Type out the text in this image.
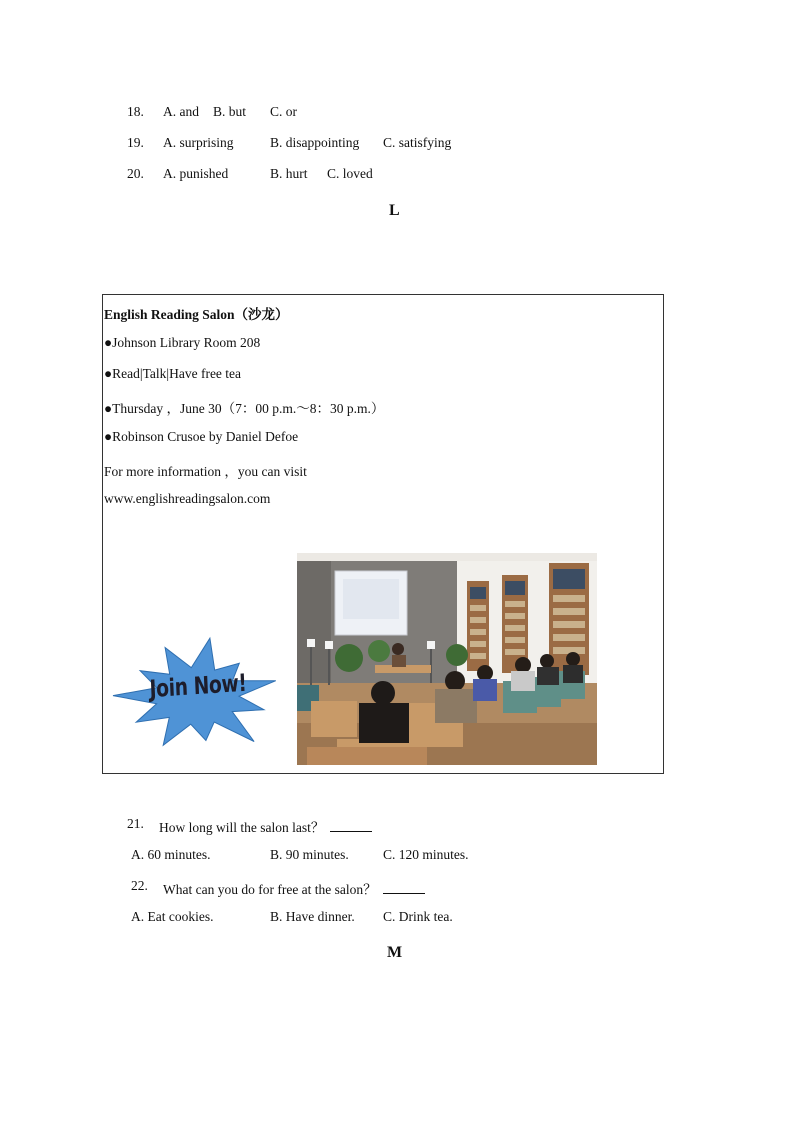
18. A. and B. but C. or
19. A. surprising	B. disappointing C. satisfying
20. A. punished	B. hurt C. loved
L
English Reading Salon（沙龙）
●Johnson Library Room 208
●Read|Talk|Have free tea
●Thursday ，June 30（7：00 p.m.～8：30 p.m.）
●Robinson Crusoe by Daniel Defoe
For more information ，you can visit
www.englishreadingsalon.com
Join Now!
21. How long will the salon last？
A. 60 minutes.	B. 90 minutes.	C. 120 minutes.
22. What can you do for free at the salon？
A. Eat cookies.	B. Have dinner. C. Drink tea.
M
